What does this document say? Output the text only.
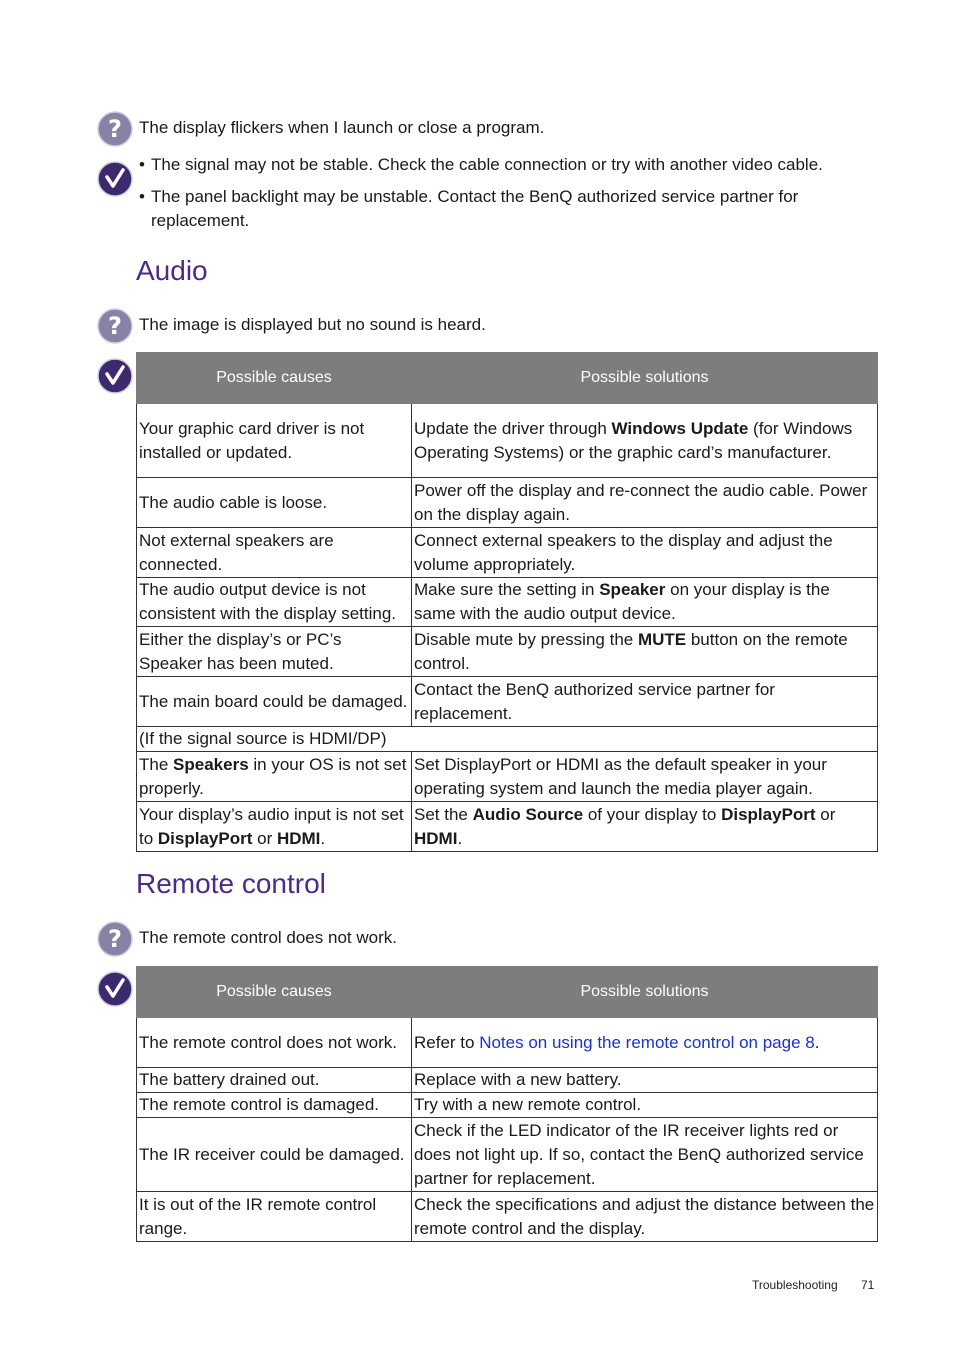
? The display flickers when I launch or close a program.
• The signal may not be stable. Check the cable connection or try with another video cable.
• The panel backlight may be unstable. Contact the BenQ authorized service partner for replacement.
Audio
? The image is displayed but no sound is heard.
Possible causes	Possible solutions
Your graphic card driver is not installed or updated.	Update the driver through Windows Update (for Windows Operating Systems) or the graphic card’s manufacturer.
The audio cable is loose.	Power off the display and re-connect the audio cable. Power on the display again.
Not external speakers are connected.	Connect external speakers to the display and adjust the volume appropriately.
The audio output device is not consistent with the display setting.	Make sure the setting in Speaker on your display is the same with the audio output device.
Either the display’s or PC’s Speaker has been muted.	Disable mute by pressing the MUTE button on the remote control.
The main board could be damaged.	Contact the BenQ authorized service partner for replacement.
(If the signal source is HDMI/DP)	
The Speakers in your OS is not set properly.	Set DisplayPort or HDMI as the default speaker in your operating system and launch the media player again.
Your display’s audio input is not set to DisplayPort or HDMI.	Set the Audio Source of your display to DisplayPort or HDMI.
Remote control
? The remote control does not work.
Possible causes	Possible solutions
The remote control does not work.	Refer to Notes on using the remote control on page 8.
The battery drained out.	Replace with a new battery.
The remote control is damaged.	Try with a new remote control.
The IR receiver could be damaged.	Check if the LED indicator of the IR receiver lights red or does not light up. If so, contact the BenQ authorized service partner for replacement.
It is out of the IR remote control range.	Check the specifications and adjust the distance between the remote control and the display.
Troubleshooting 71
